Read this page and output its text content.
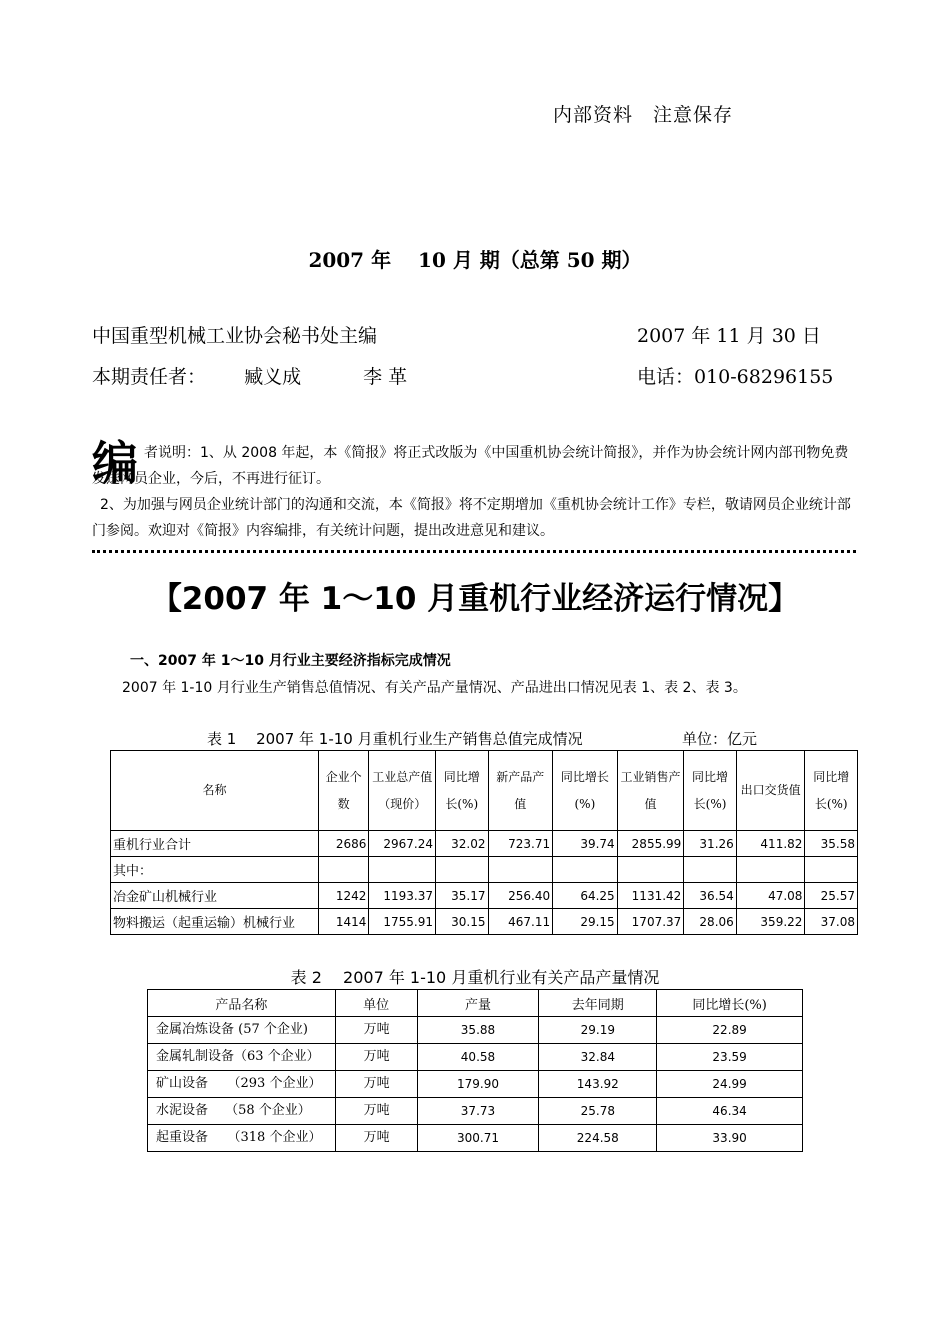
内部资料　注意保存
2007 年　 10 月 期（总第 50 期）
中国重型机械工业协会秘书处主编	2007 年 11 月 30 日
本期责任者： 臧义成	李 革	电话：010-68296155
编 者说明：1、从 2008 年起，本《简报》将正式改版为《中国重机协会统计简报》，并作为协会统计网内部刊物免费发送网员企业，今后，不再进行征订。

2、为加强与网员企业统计部门的沟通和交流，本《简报》将不定期增加《重机协会统计工作》专栏，敬请网员企业统计部门参阅。欢迎对《简报》内容编排，有关统计问题，提出改进意见和建议。

【2007 年 1～10 月重机行业经济运行情况】
一、2007 年 1～10 月行业主要经济指标完成情况
2007 年 1-10 月行业生产销售总值情况、有关产品产量情况、产品进出口情况见表 1、表 2、表 3。
表 1　 2007 年 1-10 月重机行业生产销售总值完成情况	单位：亿元
名称	企业个数	工业总产值（现价）	同比增长(%)	新产品产值	同比增长(%)	工业销售产值	同比增长(%)	出口交货值	同比增长(%)
重机行业合计	2686	2967.24	32.02	723.71	39.74	2855.99	31.26	411.82	35.58
其中：									
冶金矿山机械行业	1242	1193.37	35.17	256.40	64.25	1131.42	36.54	47.08	25.57
物料搬运（起重运输）机械行业	1414	1755.91	30.15	467.11	29.15	1707.37	28.06	359.22	37.08
表 2　 2007 年 1-10 月重机行业有关产品产量情况
产品名称	单位	产量	去年同期	同比增长(%)
金属冶炼设备 (57 个企业)	万吨	35.88	29.19	22.89
金属轧制设备（63 个企业）	万吨	40.58	32.84	23.59
矿山设备　　（293 个企业）	万吨	179.90	143.92	24.99
水泥设备　 （58 个企业）	万吨	37.73	25.78	46.34
起重设备　　（318 个企业）	万吨	300.71	224.58	33.90
